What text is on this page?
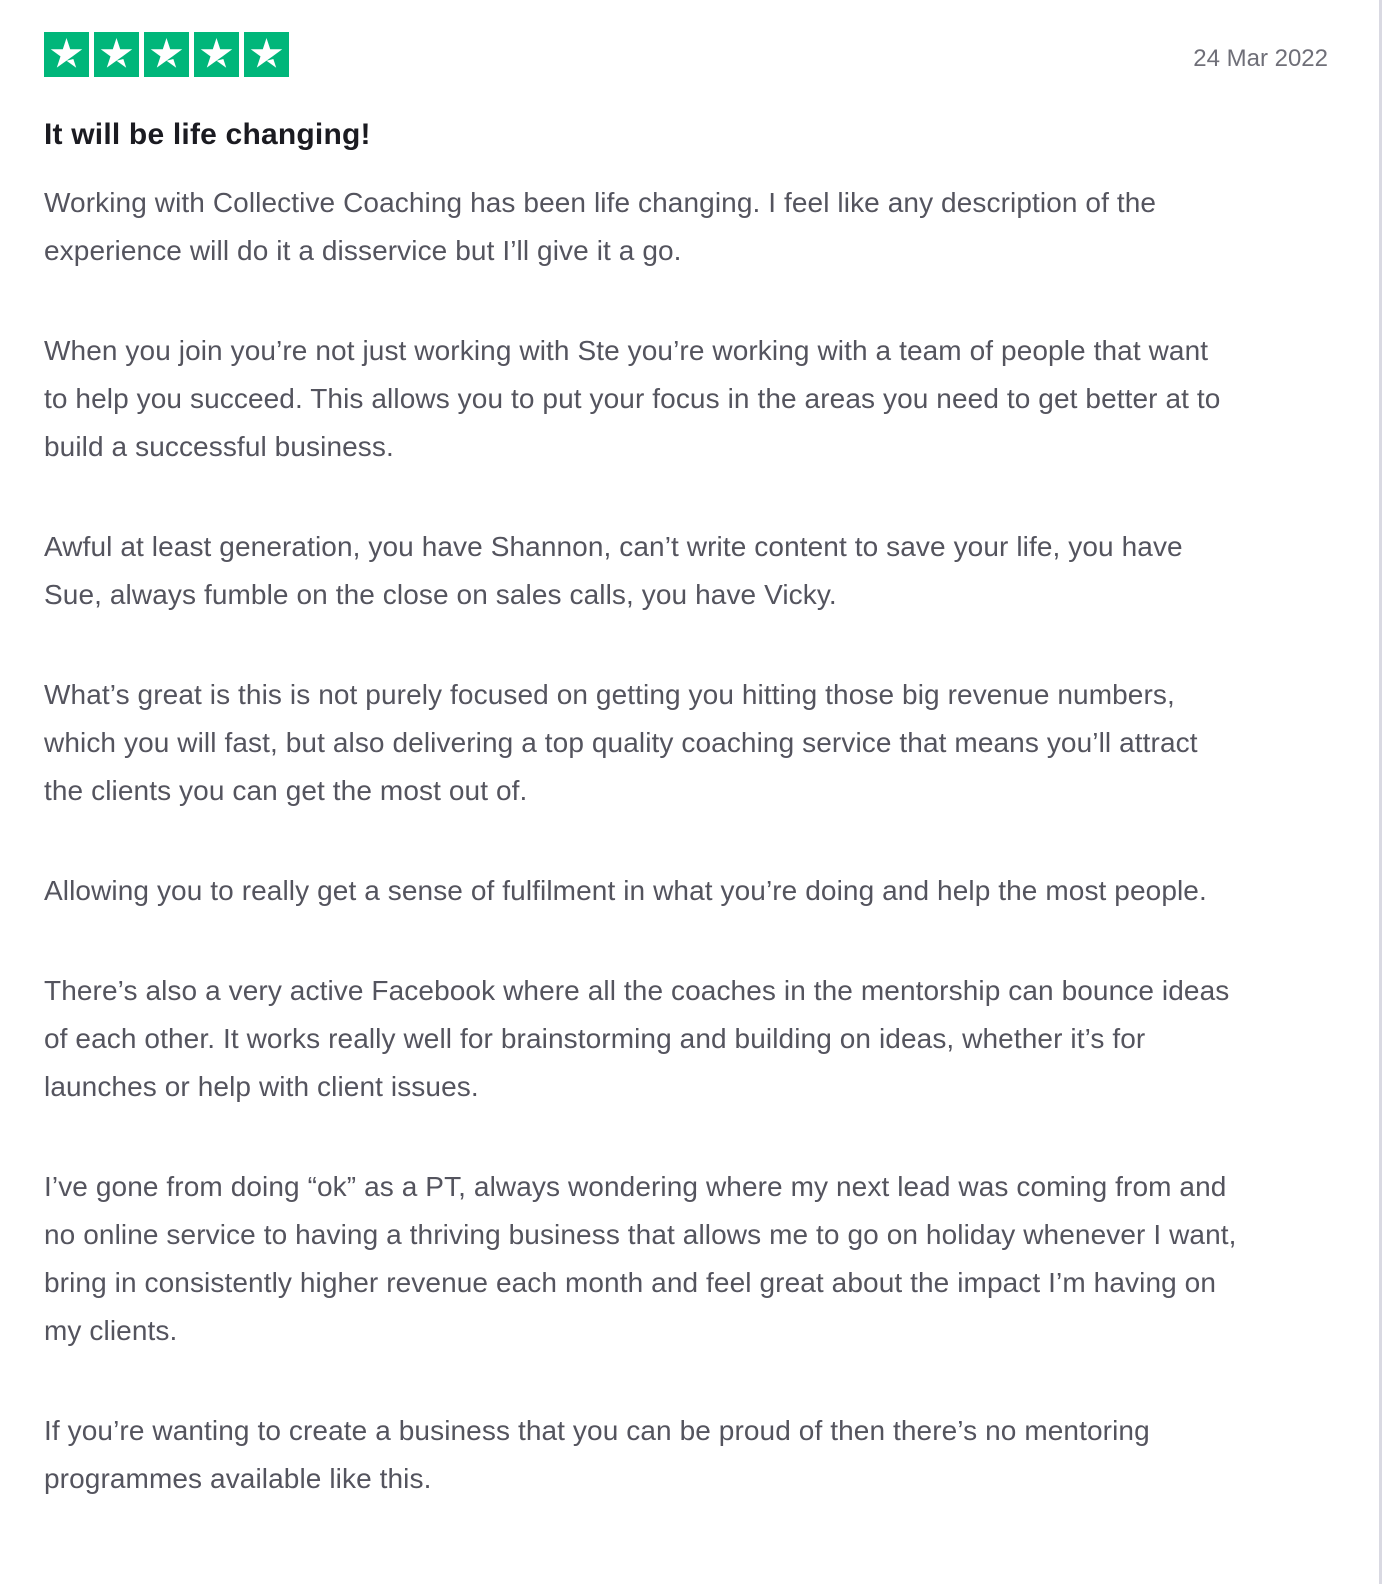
24 Mar 2022
It will be life changing!

Working with Collective Coaching has been life changing. I feel like any description of the experience will do it a disservice but I’ll give it a go.

When you join you’re not just working with Ste you’re working with a team of people that want to help you succeed. This allows you to put your focus in the areas you need to get better at to build a successful business.

Awful at least generation, you have Shannon, can’t write content to save your life, you have Sue, always fumble on the close on sales calls, you have Vicky.

What’s great is this is not purely focused on getting you hitting those big revenue numbers, which you will fast, but also delivering a top quality coaching service that means you’ll attract the clients you can get the most out of.

Allowing you to really get a sense of fulfilment in what you’re doing and help the most people.

There’s also a very active Facebook where all the coaches in the mentorship can bounce ideas of each other. It works really well for brainstorming and building on ideas, whether it’s for launches or help with client issues.

I’ve gone from doing “ok” as a PT, always wondering where my next lead was coming from and no online service to having a thriving business that allows me to go on holiday whenever I want, bring in consistently higher revenue each month and feel great about the impact I’m having on my clients.

If you’re wanting to create a business that you can be proud of then there’s no mentoring programmes available like this.
